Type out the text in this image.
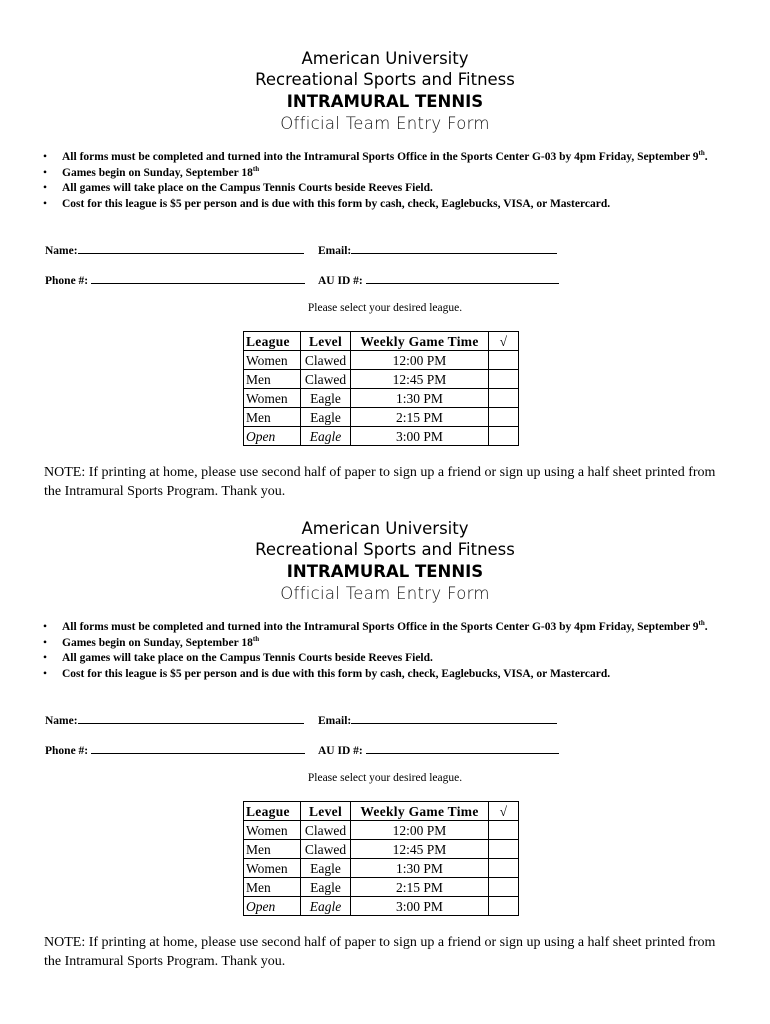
American University
Recreational Sports and Fitness
INTRAMURAL TENNIS
Official Team Entry Form
• All forms must be completed and turned into the Intramural Sports Office in the Sports Center G-03 by 4pm Friday, September 9th.
• Games begin on Sunday, September 18th
• All games will take place on the Campus Tennis Courts beside Reeves Field.
• Cost for this league is $5 per person and is due with this form by cash, check, Eaglebucks, VISA, or Mastercard.
Name:	Email:
Phone #:	AU ID #:
Please select your desired league.
League	Level	Weekly Game Time	√
Women	Clawed	12:00 PM	
Men	Clawed	12:45 PM	
Women	Eagle	1:30 PM	
Men	Eagle	2:15 PM	
Open	Eagle	3:00 PM	
NOTE: If printing at home, please use second half of paper to sign up a friend or sign up using a half sheet printed from the Intramural Sports Program. Thank you.
American University
Recreational Sports and Fitness
INTRAMURAL TENNIS
Official Team Entry Form
• All forms must be completed and turned into the Intramural Sports Office in the Sports Center G-03 by 4pm Friday, September 9th.
• Games begin on Sunday, September 18th
• All games will take place on the Campus Tennis Courts beside Reeves Field.
• Cost for this league is $5 per person and is due with this form by cash, check, Eaglebucks, VISA, or Mastercard.
Name:	Email:
Phone #:	AU ID #:
Please select your desired league.
League	Level	Weekly Game Time	√
Women	Clawed	12:00 PM	
Men	Clawed	12:45 PM	
Women	Eagle	1:30 PM	
Men	Eagle	2:15 PM	
Open	Eagle	3:00 PM	
NOTE: If printing at home, please use second half of paper to sign up a friend or sign up using a half sheet printed from the Intramural Sports Program. Thank you.
